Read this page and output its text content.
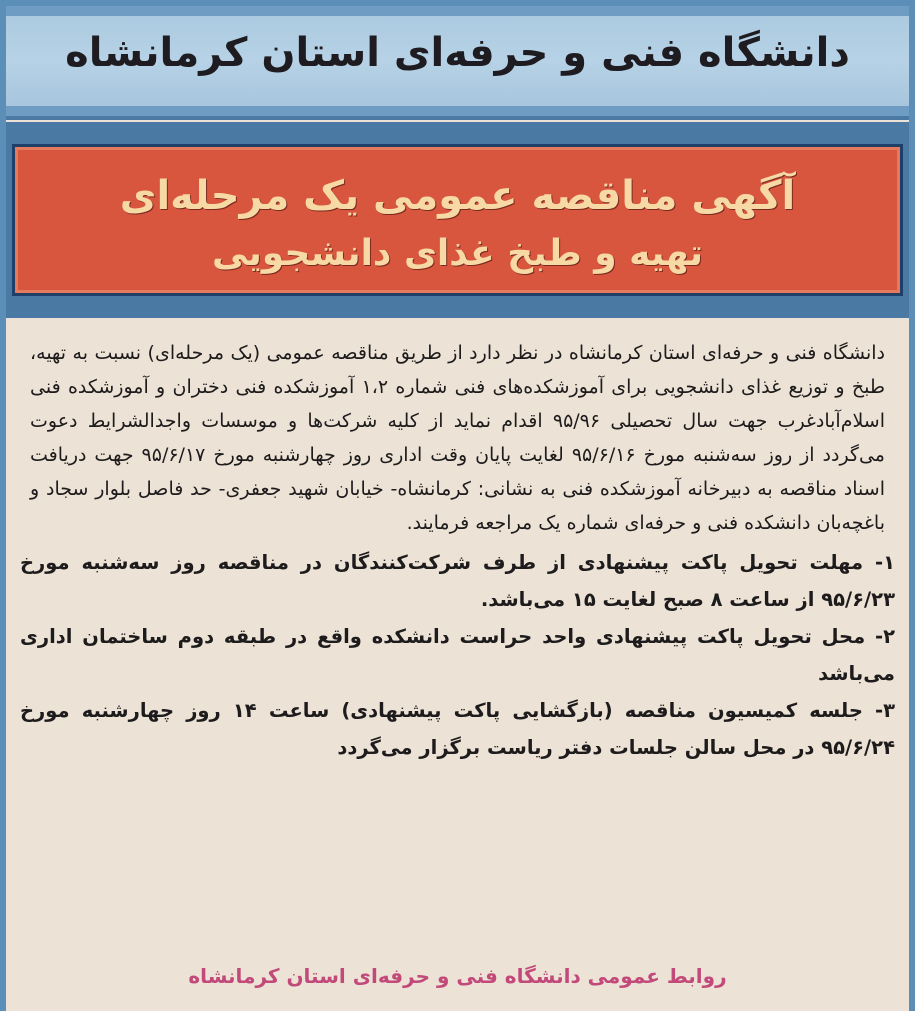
دانشگاه فنی و حرفه‌ای استان کرمانشاه
آگهی مناقصه عمومی یک مرحله‌ای
تهیه و طبخ غذای دانشجویی

دانشگاه فنی و حرفه‌ای استان کرمانشاه در نظر دارد از طریق مناقصه عمومی (یک مرحله‌ای) نسبت به تهیه، طبخ و توزیع غذای دانشجویی برای آموزشکده‌های فنی شماره ۱،۲ آموزشکده فنی دختران و آموزشکده فنی اسلام‌آبادغرب جهت سال تحصیلی ۹۵/۹۶ اقدام نماید از کلیه شرکت‌ها و موسسات واجدالشرایط دعوت می‌گردد از روز سه‌شنبه مورخ ۹۵/۶/۱۶ لغایت پایان وقت اداری روز چهارشنبه مورخ ۹۵/۶/۱۷ جهت دریافت اسناد مناقصه به دبیرخانه آموزشکده فنی به نشانی: کرمانشاه- خیابان شهید جعفری- حد فاصل بلوار سجاد و باغچه‌بان دانشکده فنی و حرفه‌ای شماره یک مراجعه فرمایند.

۱- مهلت تحویل پاکت پیشنهادی از طرف شرکت‌کنندگان در مناقصه روز سه‌شنبه مورخ ۹۵/۶/۲۳ از ساعت ۸ صبح لغایت ۱۵ می‌باشد.

۲- محل تحویل پاکت پیشنهادی واحد حراست دانشکده واقع در طبقه دوم ساختمان اداری می‌باشد

۳- جلسه کمیسیون مناقصه (بازگشایی پاکت پیشنهادی) ساعت ۱۴ روز چهارشنبه مورخ ۹۵/۶/۲۴ در محل سالن جلسات دفتر ریاست برگزار می‌گردد

روابط عمومی دانشگاه فنی و حرفه‌ای استان کرمانشاه
